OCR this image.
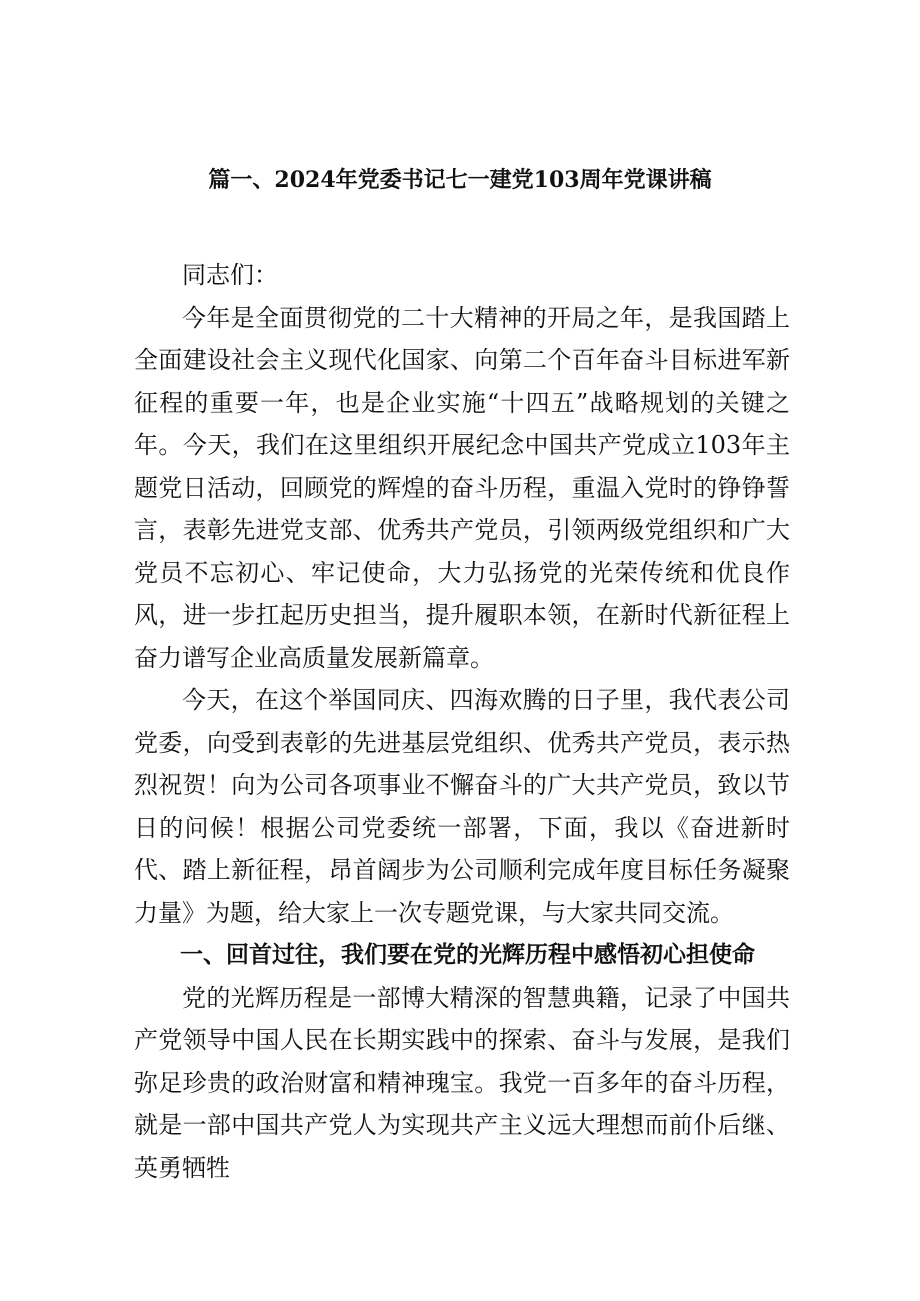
篇一、2024年党委书记七一建党103周年党课讲稿

同志们：

今年是全面贯彻党的二十大精神的开局之年，是我国踏上全面建设社会主义现代化国家、向第二个百年奋斗目标进军新征程的重要一年，也是企业实施“十四五”战略规划的关键之年。今天，我们在这里组织开展纪念中国共产党成立103年主题党日活动，回顾党的辉煌的奋斗历程，重温入党时的铮铮誓言，表彰先进党支部、优秀共产党员，引领两级党组织和广大党员不忘初心、牢记使命，大力弘扬党的光荣传统和优良作风，进一步扛起历史担当，提升履职本领，在新时代新征程上奋力谱写企业高质量发展新篇章。

今天，在这个举国同庆、四海欢腾的日子里，我代表公司党委，向受到表彰的先进基层党组织、优秀共产党员，表示热烈祝贺！向为公司各项事业不懈奋斗的广大共产党员，致以节日的问候！根据公司党委统一部署，下面，我以《奋进新时代、踏上新征程，昂首阔步为公司顺利完成年度目标任务凝聚力量》为题，给大家上一次专题党课，与大家共同交流。

一、回首过往，我们要在党的光辉历程中感悟初心担使命

党的光辉历程是一部博大精深的智慧典籍，记录了中国共产党领导中国人民在长期实践中的探索、奋斗与发展，是我们弥足珍贵的政治财富和精神瑰宝。我党一百多年的奋斗历程，就是一部中国共产党人为实现共产主义远大理想而前仆后继、英勇牺牲
